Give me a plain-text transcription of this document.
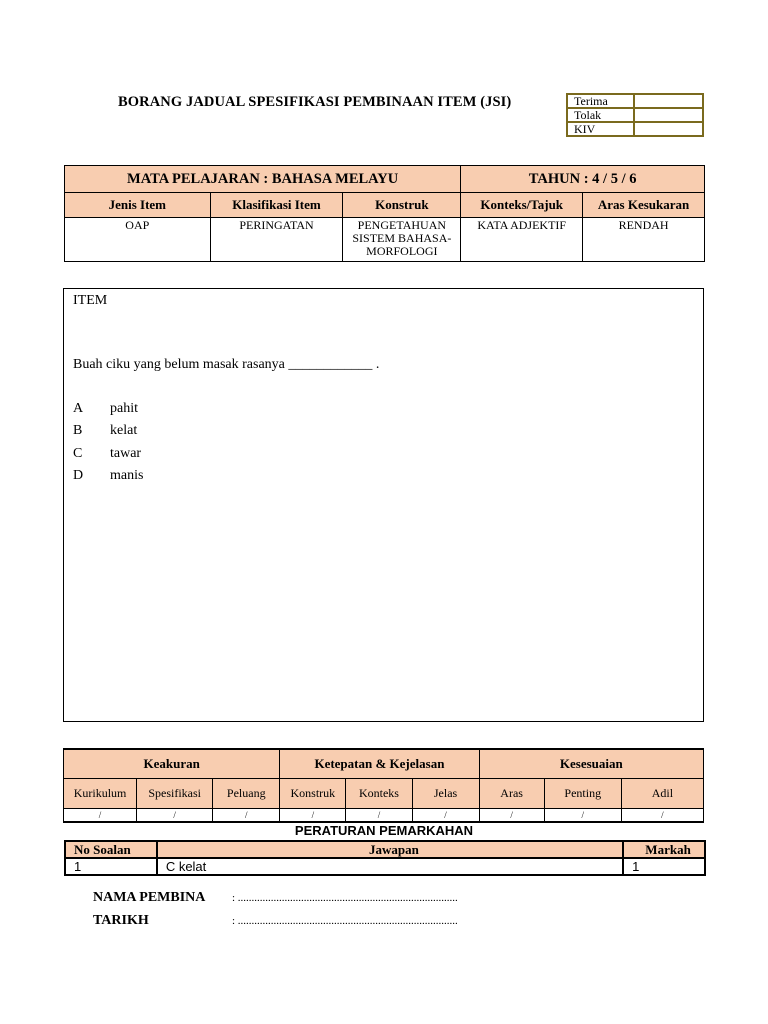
BORANG JADUAL SPESIFIKASI PEMBINAAN ITEM (JSI)	Terima	
Tolak	
KIV	
MATA PELAJARAN : BAHASA MELAYU			TAHUN : 4 / 5 / 6	
Jenis Item	Klasifikasi Item	Konstruk	Konteks/Tajuk	Aras Kesukaran
OAP	PERINGATAN	PENGETAHUAN SISTEM BAHASA- MORFOLOGI	KATA ADJEKTIF	RENDAH
ITEM
Buah ciku yang belum masak rasanya ____________ .
A pahit
B kelat
C tawar
D manis
Keakuran			Ketepatan & Kejelasan			Kesesuaian		
Kurikulum	Spesifikasi	Peluang	Konstruk	Konteks	Jelas	Aras	Penting	Adil
/	/	/	/	/	/	/	/	/
PERATURAN PEMARKAHAN
No Soalan	Jawapan	Markah
1	C kelat	1
NAMA PEMBINA : ................................................................................
TARIKH	: ................................................................................
